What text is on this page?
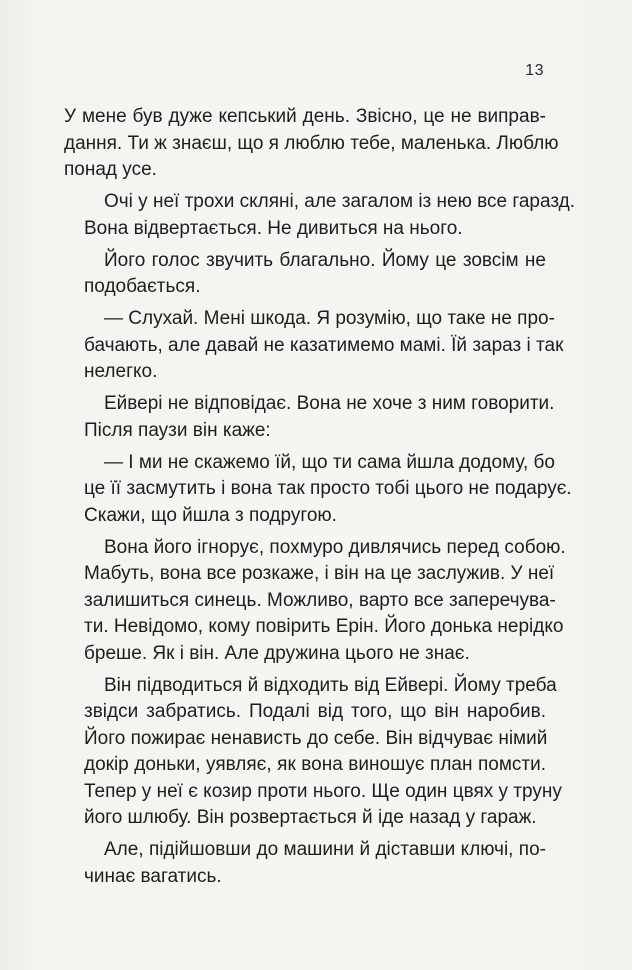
13

У мене був дуже кепський день. Звісно, це не виправ-
дання. Ти ж знаєш, що я люблю тебе, маленька. Люблю
понад усе.

Очі у неї трохи скляні, але загалом із нею все гаразд.
Вона відвертається. Не дивиться на нього.

Його голос звучить благально. Йому це зовсім не
подобається.

— Слухай. Мені шкода. Я розумію, що таке не про-
бачають, але давай не казатимемо мамі. Їй зараз і так
нелегко.

Ейвері не відповідає. Вона не хоче з ним говорити.
Після паузи він каже:

— І ми не скажемо їй, що ти сама йшла додому, бо
це її засмутить і вона так просто тобі цього не подарує.
Скажи, що йшла з подругою.

Вона його ігнорує, похмуро дивлячись перед собою.
Мабуть, вона все розкаже, і він на це заслужив. У неї
залишиться синець. Можливо, варто все заперечува-
ти. Невідомо, кому повірить Ерін. Його донька нерідко
бреше. Як і він. Але дружина цього не знає.

Він підводиться й відходить від Ейвері. Йому треба
звідси забратись. Подалі від того, що він наробив.
Його пожирає ненависть до себе. Він відчуває німий
докір доньки, уявляє, як вона виношує план помсти.
Тепер у неї є козир проти нього. Ще один цвях у труну
його шлюбу. Він розвертається й іде назад у гараж.

Але, підійшовши до машини й діставши ключі, по-
чинає вагатись.
